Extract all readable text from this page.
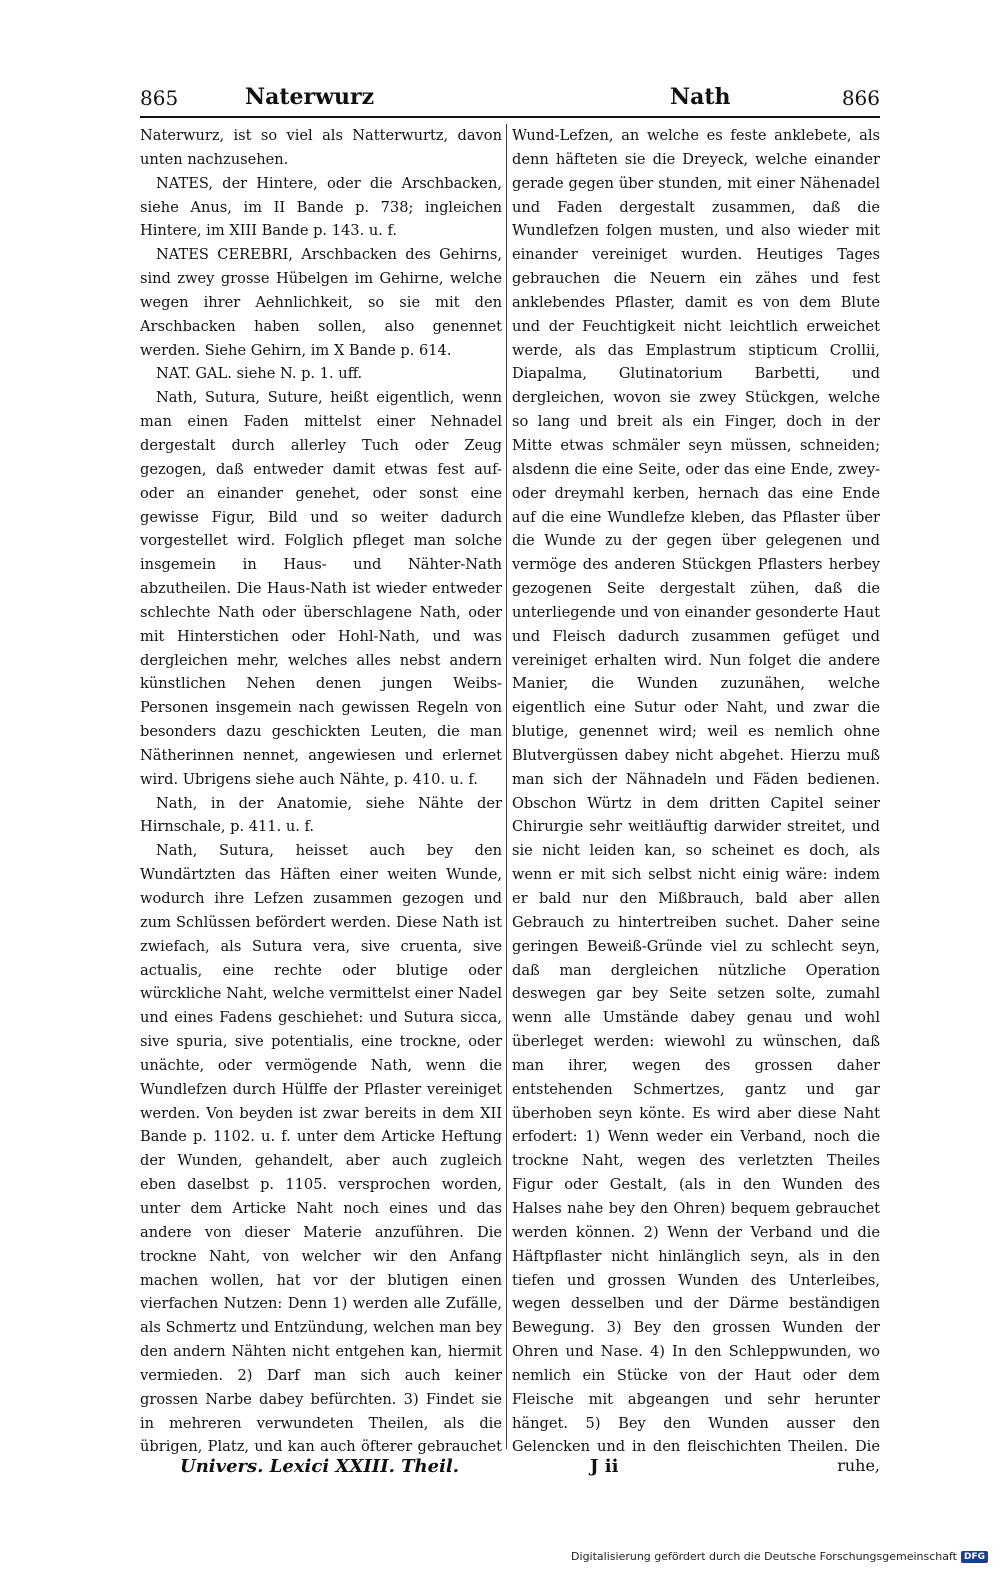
865	Naterwurz	Nath	866

Naterwurz, ist so viel als Natterwurtz, davon unten nachzusehen.

NATES, der Hintere, oder die Arschbacken, siehe Anus, im II Bande p. 738; ingleichen Hintere, im XIII Bande p. 143. u. f.

NATES CEREBRI, Arschbacken des Gehirns, sind zwey grosse Hübelgen im Gehirne, welche wegen ihrer Aehnlichkeit, so sie mit den Arschbacken haben sollen, also genennet werden. Siehe Gehirn, im X Bande p. 614.

NAT. GAL. siehe N. p. 1. uff.

Nath, Sutura, Suture, heißt eigentlich, wenn man einen Faden mittelst einer Nehnadel dergestalt durch allerley Tuch oder Zeug gezogen, daß entweder damit etwas fest auf- oder an einander genehet, oder sonst eine gewisse Figur, Bild und so weiter dadurch vorgestellet wird. Folglich pfleget man solche insgemein in Haus- und Nähter-Nath abzutheilen. Die Haus-Nath ist wieder entweder schlechte Nath oder überschlagene Nath, oder mit Hinterstichen oder Hohl-Nath, und was dergleichen mehr, welches alles nebst andern künstlichen Nehen denen jungen Weibs-Personen insgemein nach gewissen Regeln von besonders dazu geschickten Leuten, die man Nätherinnen nennet, angewiesen und erlernet wird. Ubrigens siehe auch Nähte, p. 410. u. f.

Nath, in der Anatomie, siehe Nähte der Hirnschale, p. 411. u. f.

Nath, Sutura, heisset auch bey den Wundärtzten das Häften einer weiten Wunde, wodurch ihre Lefzen zusammen gezogen und zum Schlüssen befördert werden. Diese Nath ist zwiefach, als Sutura vera, sive cruenta, sive actualis, eine rechte oder blutige oder würckliche Naht, welche vermittelst einer Nadel und eines Fadens geschiehet: und Sutura sicca, sive spuria, sive potentialis, eine trockne, oder unächte, oder vermögende Nath, wenn die Wundlefzen durch Hülffe der Pflaster vereiniget werden. Von beyden ist zwar bereits in dem XII Bande p. 1102. u. f. unter dem Articke Heftung der Wunden, gehandelt, aber auch zugleich eben daselbst p. 1105. versprochen worden, unter dem Articke Naht noch eines und das andere von dieser Materie anzuführen. Die trockne Naht, von welcher wir den Anfang machen wollen, hat vor der blutigen einen vierfachen Nutzen: Denn 1) werden alle Zufälle, als Schmertz und Entzündung, welchen man bey den andern Nähten nicht entgehen kan, hiermit vermieden. 2) Darf man sich auch keiner grossen Narbe dabey befürchten. 3) Findet sie in mehreren verwundeten Theilen, als die übrigen, Platz, und kan auch öfterer gebrauchet

Wund-Lefzen, an welche es feste anklebete, als denn häfteten sie die Dreyeck, welche einander gerade gegen über stunden, mit einer Nähenadel und Faden dergestalt zusammen, daß die Wundlefzen folgen musten, und also wieder mit einander vereiniget wurden. Heutiges Tages gebrauchen die Neuern ein zähes und fest anklebendes Pflaster, damit es von dem Blute und der Feuchtigkeit nicht leichtlich erweichet werde, als das Emplastrum stipticum Crollii, Diapalma, Glutinatorium Barbetti, und dergleichen, wovon sie zwey Stückgen, welche so lang und breit als ein Finger, doch in der Mitte etwas schmäler seyn müssen, schneiden; alsdenn die eine Seite, oder das eine Ende, zwey- oder dreymahl kerben, hernach das eine Ende auf die eine Wundlefze kleben, das Pflaster über die Wunde zu der gegen über gelegenen und vermöge des anderen Stückgen Pflasters herbey gezogenen Seite dergestalt zühen, daß die unterliegende und von einander gesonderte Haut und Fleisch dadurch zusammen gefüget und vereiniget erhalten wird. Nun folget die andere Manier, die Wunden zuzunähen, welche eigentlich eine Sutur oder Naht, und zwar die blutige, genennet wird; weil es nemlich ohne Blutvergüssen dabey nicht abgehet. Hierzu muß man sich der Nähnadeln und Fäden bedienen. Obschon Würtz in dem dritten Capitel seiner Chirurgie sehr weitläuftig darwider streitet, und sie nicht leiden kan, so scheinet es doch, als wenn er mit sich selbst nicht einig wäre: indem er bald nur den Mißbrauch, bald aber allen Gebrauch zu hintertreiben suchet. Daher seine geringen Beweiß-Gründe viel zu schlecht seyn, daß man dergleichen nützliche Operation deswegen gar bey Seite setzen solte, zumahl wenn alle Umstände dabey genau und wohl überleget werden: wiewohl zu wünschen, daß man ihrer, wegen des grossen daher entstehenden Schmertzes, gantz und gar überhoben seyn könte. Es wird aber diese Naht erfodert: 1) Wenn weder ein Verband, noch die trockne Naht, wegen des verletzten Theiles Figur oder Gestalt, (als in den Wunden des Halses nahe bey den Ohren) bequem gebrauchet werden können. 2) Wenn der Verband und die Häftpflaster nicht hinlänglich seyn, als in den tiefen und grossen Wunden des Unterleibes, wegen desselben und der Därme beständigen Bewegung. 3) Bey den grossen Wunden der Ohren und Nase. 4) In den Schleppwunden, wo nemlich ein Stücke von der Haut oder dem Fleische mit abgeangen und sehr herunter hänget. 5) Bey den Wunden ausser den Gelencken und in den fleischichten Theilen. Die

Univers. Lexici XXIII. Theil.	J ii	ruhe,
Digitalisierung gefördert durch die Deutsche Forschungsgemeinschaft DFG
